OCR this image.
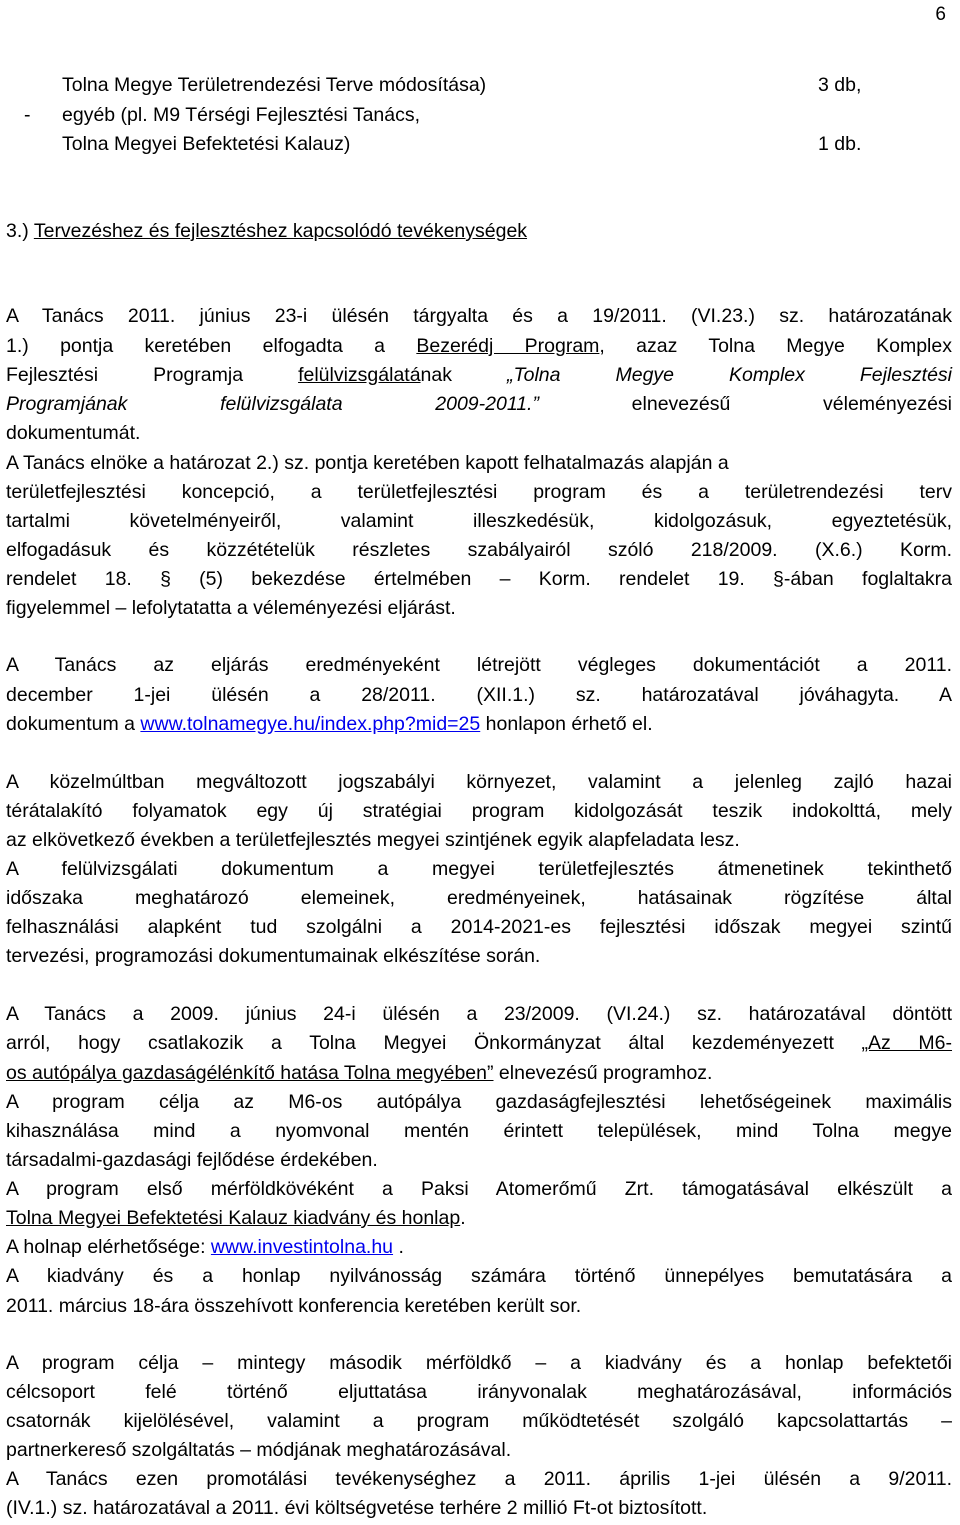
6
Tolna Megye Területrendezési Terve módosítása)	3 db,
- egyéb (pl. M9 Térségi Fejlesztési Tanács,
Tolna Megyei Befektetési Kalauz)	1 db.
3.) Tervezéshez és fejlesztéshez kapcsolódó tevékenységek
A Tanács 2011. június 23-i ülésén tárgyalta és a 19/2011. (VI.23.) sz. határozatának
1.) pontja keretében elfogadta a Bezerédj Program, azaz Tolna Megye Komplex
Fejlesztési Programja felülvizsgálatának „Tolna Megye Komplex Fejlesztési
Programjának felülvizsgálata 2009-2011.” elnevezésű véleményezési
dokumentumát.
A Tanács elnöke a határozat 2.) sz. pontja keretében kapott felhatalmazás alapján a
területfejlesztési koncepció, a területfejlesztési program és a területrendezési terv
tartalmi követelményeiről, valamint illeszkedésük, kidolgozásuk, egyeztetésük,
elfogadásuk és közzétételük részletes szabályairól szóló 218/2009. (X.6.) Korm.
rendelet 18. § (5) bekezdése értelmében – Korm. rendelet 19. §-ában foglaltakra
figyelemmel – lefolytatatta a véleményezési eljárást.
A Tanács az eljárás eredményeként létrejött végleges dokumentációt a 2011.
december 1-jei ülésén a 28/2011. (XII.1.) sz. határozatával jóváhagyta. A
dokumentum a www.tolnamegye.hu/index.php?mid=25 honlapon érhető el.
A közelmúltban megváltozott jogszabályi környezet, valamint a jelenleg zajló hazai
térátalakító folyamatok egy új stratégiai program kidolgozását teszik indokolttá, mely
az elkövetkező években a területfejlesztés megyei szintjének egyik alapfeladata lesz.
A felülvizsgálati dokumentum a megyei területfejlesztés átmenetinek tekinthető
időszaka meghatározó elemeinek, eredményeinek, hatásainak rögzítése által
felhasználási alapként tud szolgálni a 2014-2021-es fejlesztési időszak megyei szintű
tervezési, programozási dokumentumainak elkészítése során.
A Tanács a 2009. június 24-i ülésén a 23/2009. (VI.24.) sz. határozatával döntött
arról, hogy csatlakozik a Tolna Megyei Önkormányzat által kezdeményezett „Az M6-
os autópálya gazdaságélénkítő hatása Tolna megyében” elnevezésű programhoz.
A program célja az M6-os autópálya gazdaságfejlesztési lehetőségeinek maximális
kihasználása mind a nyomvonal mentén érintett települések, mind Tolna megye
társadalmi-gazdasági fejlődése érdekében.
A program első mérföldkövéként a Paksi Atomerőmű Zrt. támogatásával elkészült a
Tolna Megyei Befektetési Kalauz kiadvány és honlap.
A holnap elérhetősége: www.investintolna.hu .
A kiadvány és a honlap nyilvánosság számára történő ünnepélyes bemutatására a
2011. március 18-ára összehívott konferencia keretében került sor.
A program célja – mintegy második mérföldkő – a kiadvány és a honlap befektetői
célcsoport felé történő eljuttatása irányvonalak meghatározásával, információs
csatornák kijelölésével, valamint a program működtetését szolgáló kapcsolattartás –
partnerkereső szolgáltatás – módjának meghatározásával.
A Tanács ezen promotálási tevékenységhez a 2011. április 1-jei ülésén a 9/2011.
(IV.1.) sz. határozatával a 2011. évi költségvetése terhére 2 millió Ft-ot biztosított.
